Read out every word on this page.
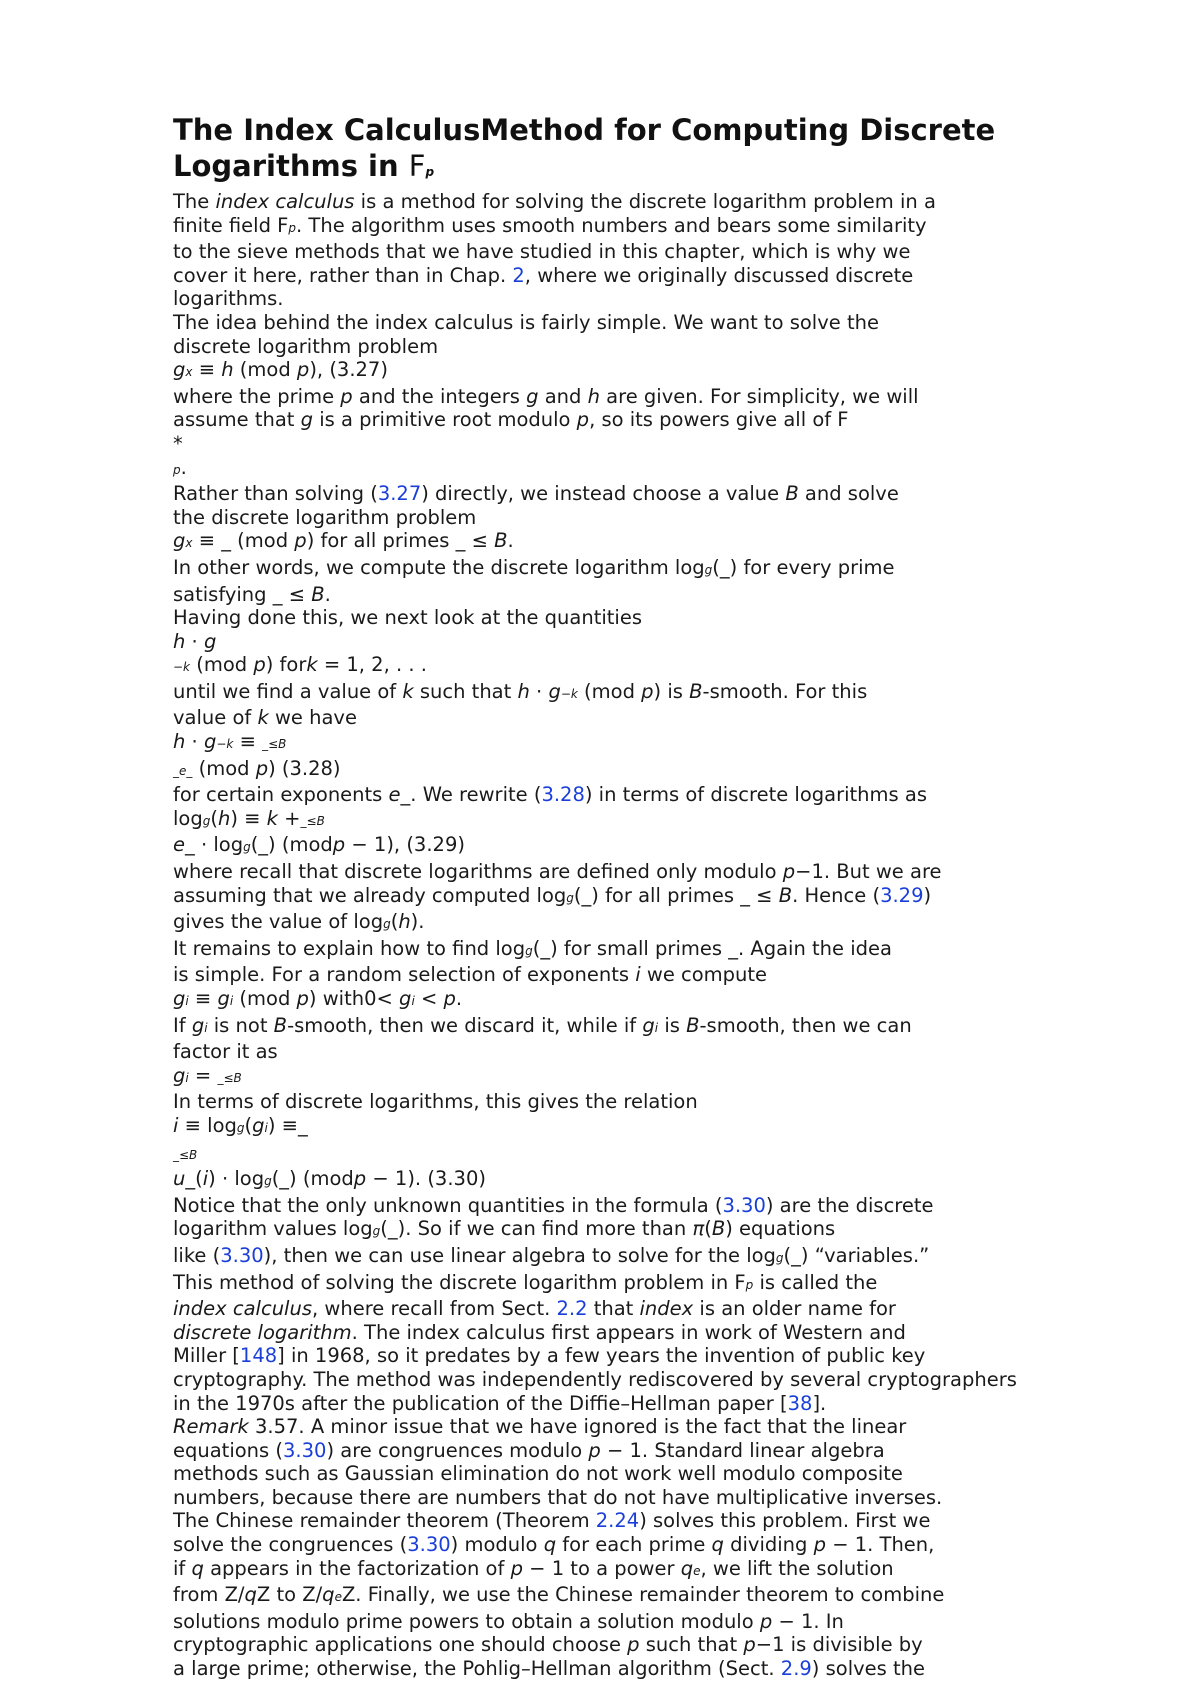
The Index CalculusMethod for Computing Discrete
Logarithms in Fp
The index calculus is a method for solving the discrete logarithm problem in a
finite field Fp. The algorithm uses smooth numbers and bears some similarity
to the sieve methods that we have studied in this chapter, which is why we
cover it here, rather than in Chap. 2, where we originally discussed discrete
logarithms.
The idea behind the index calculus is fairly simple. We want to solve the
discrete logarithm problem
gx ≡ h (mod p), (3.27)
where the prime p and the integers g and h are given. For simplicity, we will
assume that g is a primitive root modulo p, so its powers give all of F
*
p.
Rather than solving (3.27) directly, we instead choose a value B and solve
the discrete logarithm problem
gx ≡ _ (mod p) for all primes _ ≤ B.
In other words, we compute the discrete logarithm logg(_) for every prime
satisfying _ ≤ B.
Having done this, we next look at the quantities
h · g
−k (mod p) fork = 1, 2, . . .
until we find a value of k such that h · g−k (mod p) is B-smooth. For this
value of k we have
h · g−k ≡ _≤B
_e_ (mod p) (3.28)
for certain exponents e_. We rewrite (3.28) in terms of discrete logarithms as
logg(h) ≡ k +_≤B
e_ · logg(_) (modp − 1), (3.29)
where recall that discrete logarithms are defined only modulo p−1. But we are
assuming that we already computed logg(_) for all primes _ ≤ B. Hence (3.29)
gives the value of logg(h).
It remains to explain how to find logg(_) for small primes _. Again the idea
is simple. For a random selection of exponents i we compute
gi ≡ gi (mod p) with0< gi < p.
If gi is not B-smooth, then we discard it, while if gi is B-smooth, then we can
factor it as
gi = _≤B
In terms of discrete logarithms, this gives the relation
i ≡ logg(gi) ≡_
_≤B
u_(i) · logg(_) (modp − 1). (3.30)
Notice that the only unknown quantities in the formula (3.30) are the discrete
logarithm values logg(_). So if we can find more than π(B) equations
like (3.30), then we can use linear algebra to solve for the logg(_) “variables.”
This method of solving the discrete logarithm problem in Fp is called the
index calculus, where recall from Sect. 2.2 that index is an older name for
discrete logarithm. The index calculus first appears in work of Western and
Miller [148] in 1968, so it predates by a few years the invention of public key
cryptography. The method was independently rediscovered by several cryptographers
in the 1970s after the publication of the Diffie–Hellman paper [38].
Remark 3.57. A minor issue that we have ignored is the fact that the linear
equations (3.30) are congruences modulo p − 1. Standard linear algebra
methods such as Gaussian elimination do not work well modulo composite
numbers, because there are numbers that do not have multiplicative inverses.
The Chinese remainder theorem (Theorem 2.24) solves this problem. First we
solve the congruences (3.30) modulo q for each prime q dividing p − 1. Then,
if q appears in the factorization of p − 1 to a power qe, we lift the solution
from Z/qZ to Z/qeZ. Finally, we use the Chinese remainder theorem to combine
solutions modulo prime powers to obtain a solution modulo p − 1. In
cryptographic applications one should choose p such that p−1 is divisible by
a large prime; otherwise, the Pohlig–Hellman algorithm (Sect. 2.9) solves the
